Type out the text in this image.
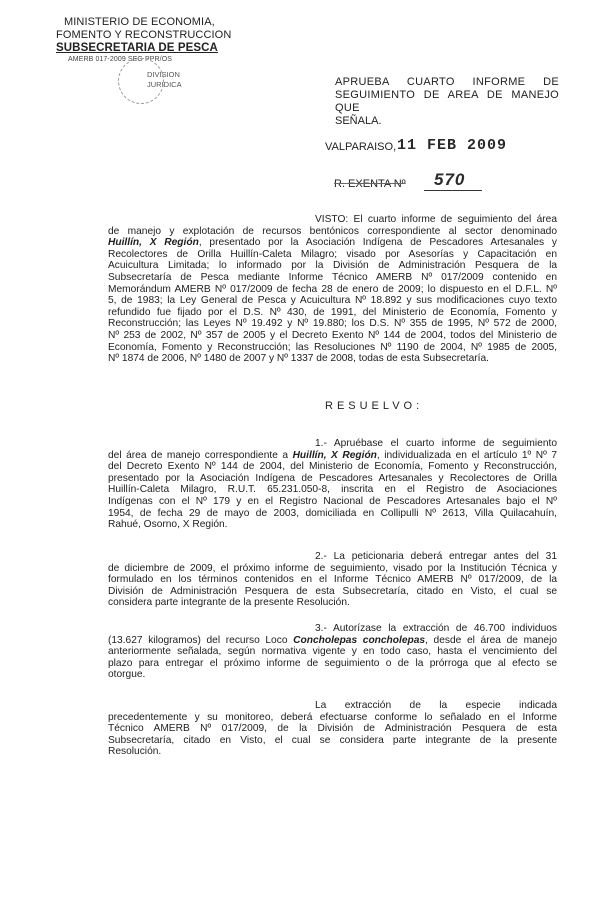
MINISTERIO DE ECONOMIA,
FOMENTO Y RECONSTRUCCION
SUBSECRETARIA DE PESCA
AMERB 017-2009 SEG PPR/OS
DIVISION
JURIDICA	APRUEBA CUARTO INFORME DE
SEGUIMIENTO DE AREA DE MANEJO QUE
SEÑALA.
VALPARAISO, 11 FEB 2009
R. EXENTA Nº 570
VISTO: El cuarto informe de seguimiento del área
de manejo y explotación de recursos bentónicos correspondiente al sector denominado
Huillín, X Región, presentado por la Asociación Indígena de Pescadores Artesanales y
Recolectores de Orilla Huillín-Caleta Milagro; visado por Asesorías y Capacitación en
Acuicultura Limitada; lo informado por la División de Administración Pesquera de la
Subsecretaría de Pesca mediante Informe Técnico AMERB Nº 017/2009 contenido en
Memorándum AMERB Nº 017/2009 de fecha 28 de enero de 2009; lo dispuesto en el D.F.L. Nº
5, de 1983; la Ley General de Pesca y Acuicultura Nº 18.892 y sus modificaciones cuyo texto
refundido fue fijado por el D.S. Nº 430, de 1991, del Ministerio de Economía, Fomento y
Reconstrucción; las Leyes Nº 19.492 y Nº 19.880; los D.S. Nº 355 de 1995, Nº 572 de 2000,
Nº 253 de 2002, Nº 357 de 2005 y el Decreto Exento Nº 144 de 2004, todos del Ministerio de
Economía, Fomento y Reconstrucción; las Resoluciones Nº 1190 de 2004, Nº 1985 de 2005,
Nº 1874 de 2006, Nº 1480 de 2007 y Nº 1337 de 2008, todas de esta Subsecretaría.
RESUELVO:
1.- Apruébase el cuarto informe de seguimiento
del área de manejo correspondiente a Huillín, X Región, individualizada en el artículo 1º Nº 7
del Decreto Exento Nº 144 de 2004, del Ministerio de Economía, Fomento y Reconstrucción,
presentado por la Asociación Indígena de Pescadores Artesanales y Recolectores de Orilla
Huillín-Caleta Milagro, R.U.T. 65.231.050-8, inscrita en el Registro de Asociaciones
Indígenas con el Nº 179 y en el Registro Nacional de Pescadores Artesanales bajo el Nº
1954, de fecha 29 de mayo de 2003, domiciliada en Collipulli Nº 2613, Villa Quilacahuín,
Rahué, Osorno, X Región.
2.- La peticionaria deberá entregar antes del 31
de diciembre de 2009, el próximo informe de seguimiento, visado por la Institución Técnica y
formulado en los términos contenidos en el Informe Técnico AMERB Nº 017/2009, de la
División de Administración Pesquera de esta Subsecretaría, citado en Visto, el cual se
considera parte integrante de la presente Resolución.
3.- Autorízase la extracción de 46.700 individuos
(13.627 kilogramos) del recurso Loco Concholepas concholepas, desde el área de manejo
anteriormente señalada, según normativa vigente y en todo caso, hasta el vencimiento del
plazo para entregar el próximo informe de seguimiento o de la prórroga que al efecto se
otorgue.
La extracción de la especie indicada
precedentemente y su monitoreo, deberá efectuarse conforme lo señalado en el Informe
Técnico AMERB Nº 017/2009, de la División de Administración Pesquera de esta
Subsecretaría, citado en Visto, el cual se considera parte integrante de la presente
Resolución.
